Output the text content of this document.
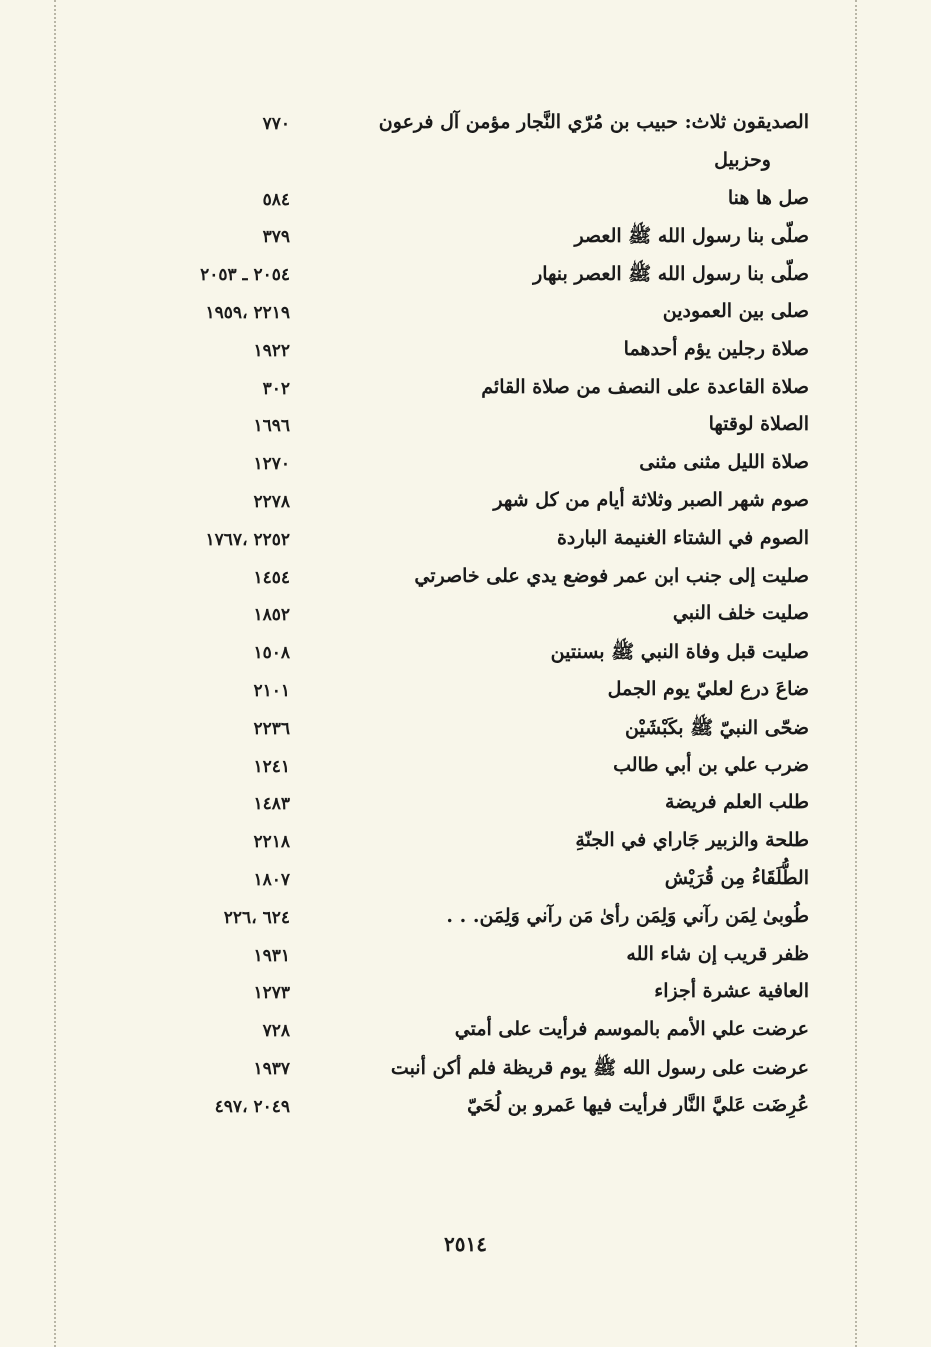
الصديقون ثلاث: حبيب بن مُرّي النَّجار مؤمن آل فرعون
٧٧٠
وحزبيل
صل ها هنا
٥٨٤
صلّى بنا رسول الله ﷺ العصر
٣٧٩
صلّى بنا رسول الله ﷺ العصر بنهار
٢٠٥٤ ـ ٢٠٥٣
صلى بين العمودين
٢٢١٩ ،١٩٥٩
صلاة رجلين يؤم أحدهما
١٩٢٢
صلاة القاعدة على النصف من صلاة القائم
٣٠٢
الصلاة لوقتها
١٦٩٦
صلاة الليل مثنى مثنى
١٢٧٠
صوم شهر الصبر وثلاثة أيام من كل شهر
٢٢٧٨
الصوم في الشتاء الغنيمة الباردة
٢٢٥٢ ،١٧٦٧
صليت إلى جنب ابن عمر فوضع يدي على خاصرتي
١٤٥٤
صليت خلف النبي
١٨٥٢
صليت قبل وفاة النبي ﷺ بسنتين
١٥٠٨
ضاعَ درع لعليّ يوم الجمل
٢١٠١
ضحّى النبيّ ﷺ بكَبْشَيْن
٢٢٣٦
ضرب علي بن أبي طالب
١٢٤١
طلب العلم فريضة
١٤٨٣
طلحة والزبير جَاراي في الجنّةِ
٢٢١٨
الطُّلَقَاءُ مِن قُرَيْش
١٨٠٧
طُوبىٰ لِمَن رآني وَلِمَن رأىٰ مَن رآني وَلِمَن. . .
٦٢٤ ،٢٢٦
ظفر قريب إن شاء الله
١٩٣١
العافية عشرة أجزاء
١٢٧٣
عرضت علي الأمم بالموسم فرأيت على أمتي
٧٢٨
عرضت على رسول الله ﷺ يوم قريظة فلم أكن أنبت
١٩٣٧
عُرِضَت عَليَّ النَّار فرأيت فيها عَمرو بن لُحَيّ
٢٠٤٩ ،٤٩٧
٢٥١٤
